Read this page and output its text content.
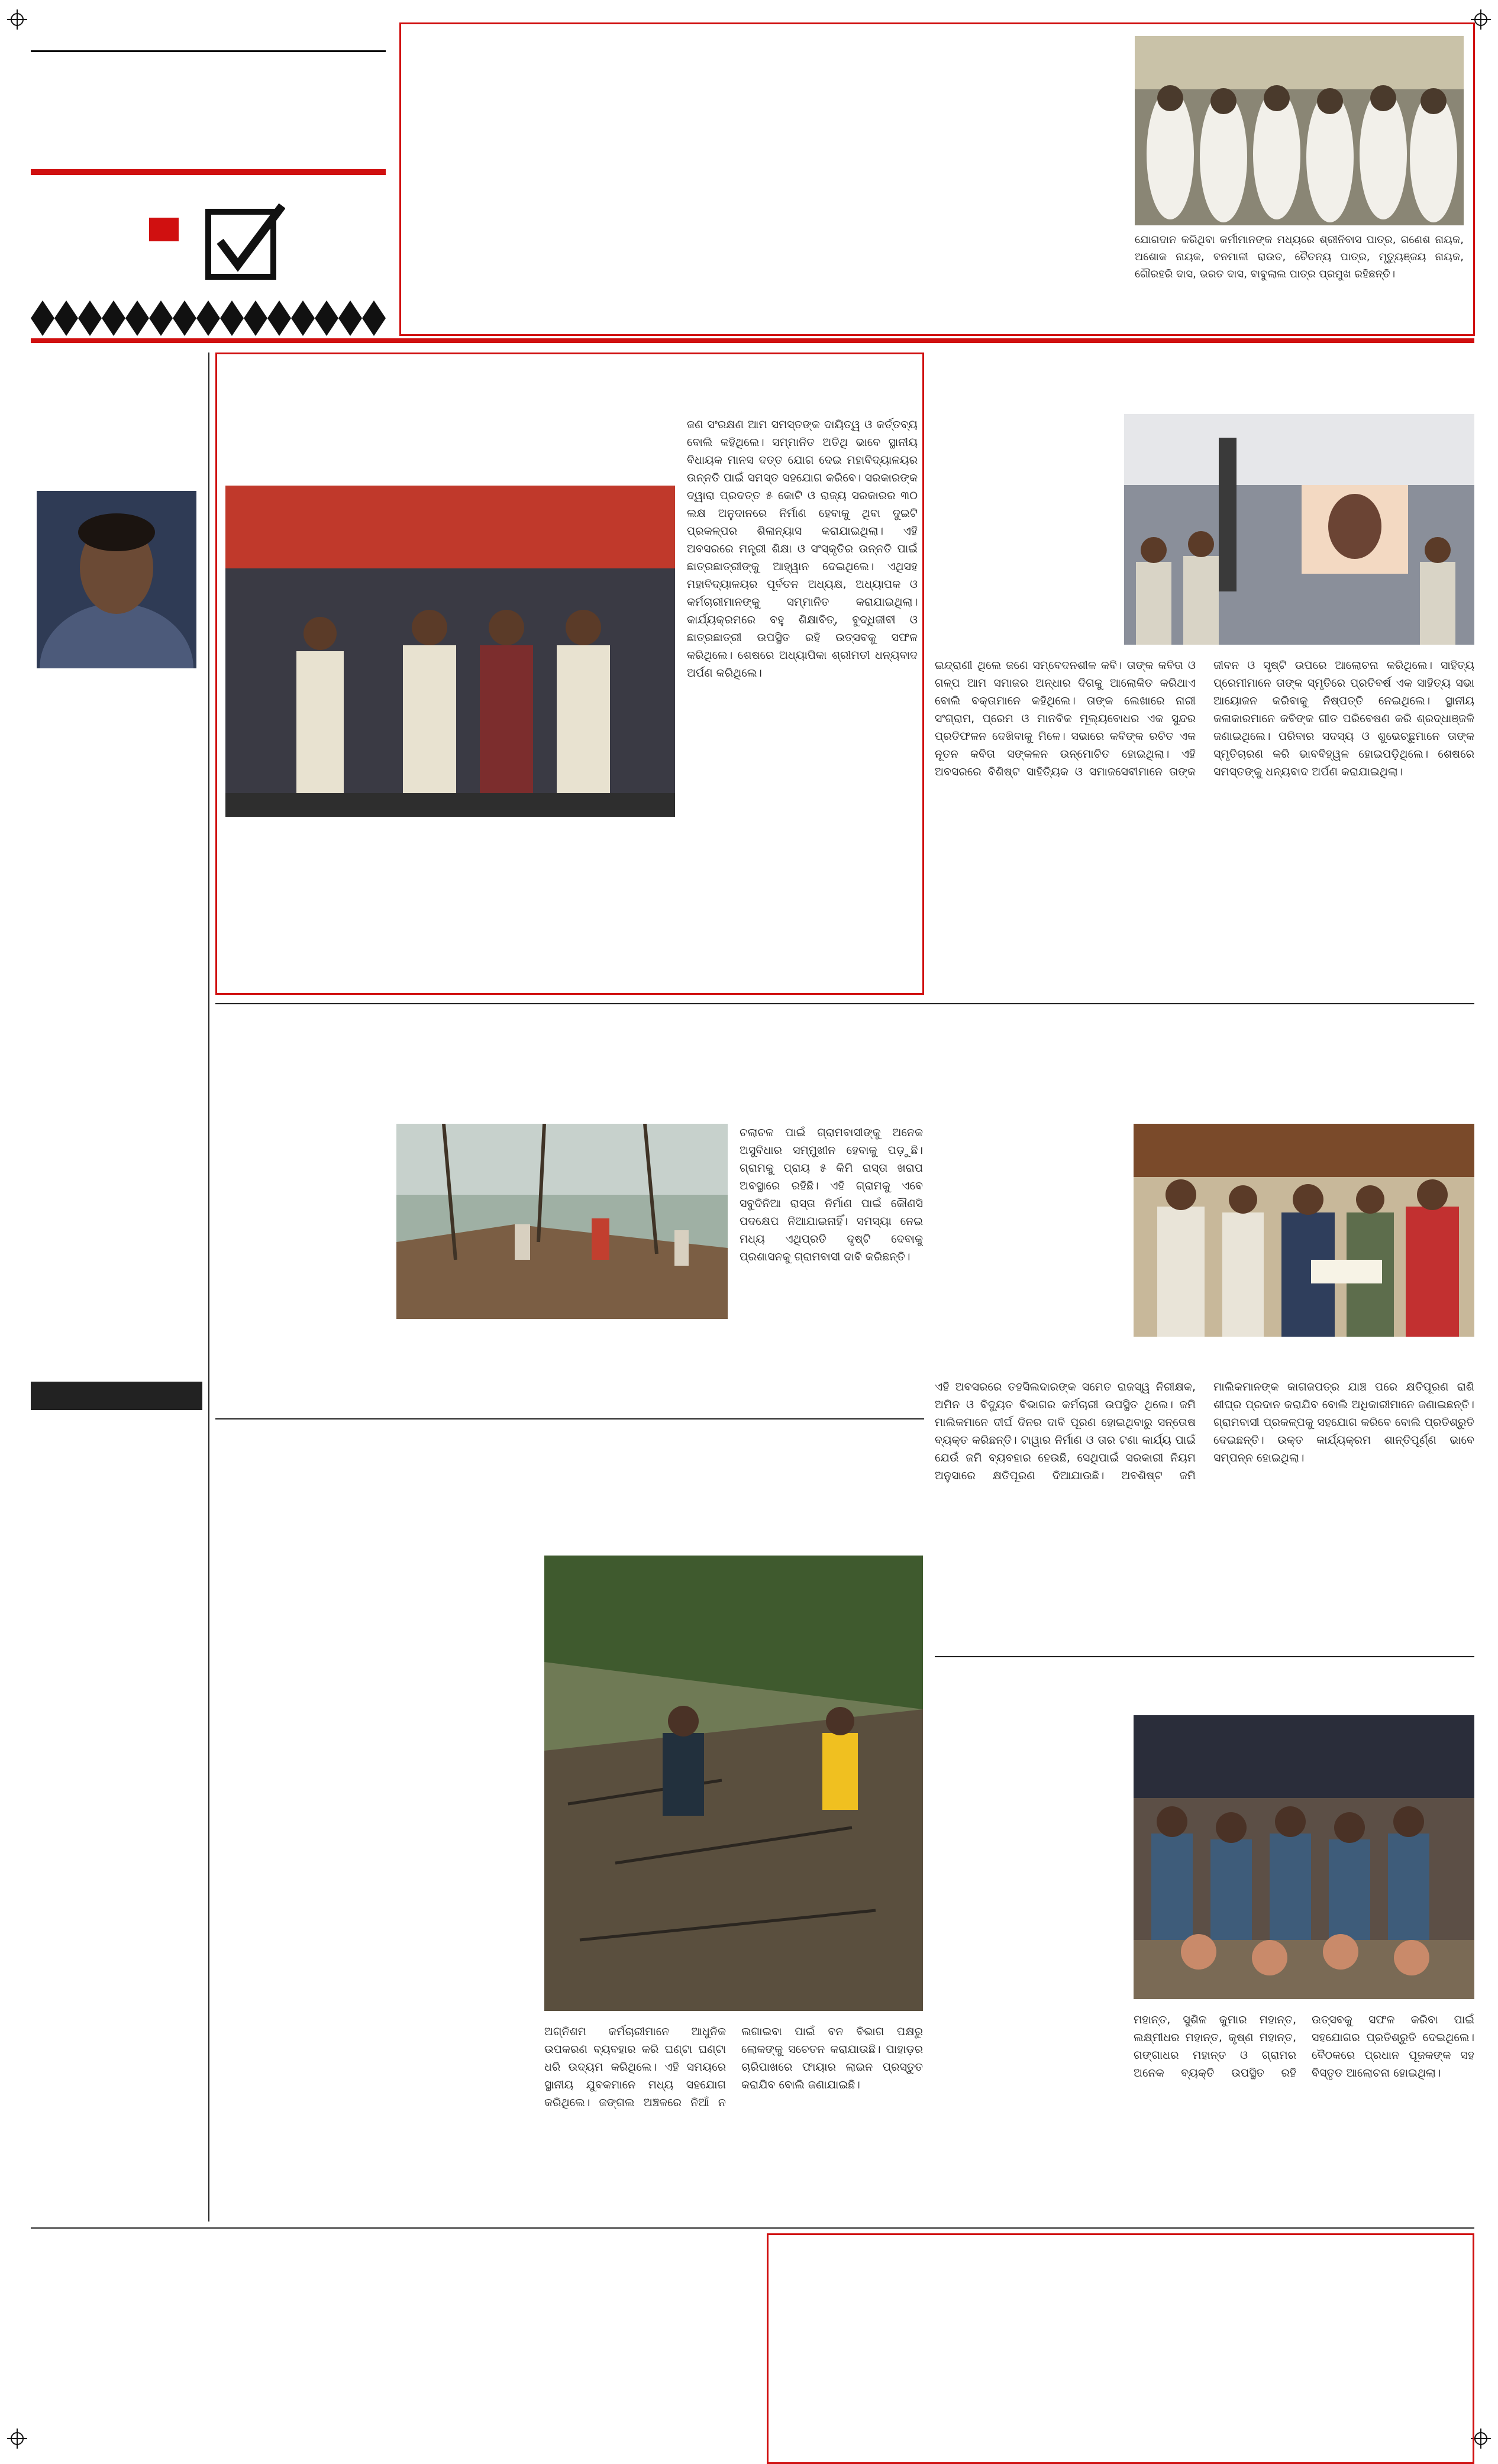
ଯୋଗଦାନ କରିଥିବା କର୍ମୀମାନଙ୍କ ମଧ୍ୟରେ ଶ୍ରୀନିବାସ ପାତ୍ର, ଗଣେଶ ନାୟକ, ଅଶୋକ ନାୟକ, ବନମାଳୀ ରାଉତ, ଚୈତନ୍ୟ ପାତ୍ର, ମୃତ୍ୟୁଞ୍ଜୟ ନାୟକ, ଗୌରହରି ଦାସ, ଭରତ ଦାସ, ବାବୁଲାଲ ପାତ୍ର ପ୍ରମୁଖ ରହିଛନ୍ତି।
ଜଣ ସଂରକ୍ଷଣ ଆମ ସମସ୍ତଙ୍କ ଦାୟିତ୍ୱ ଓ କର୍ତ୍ତବ୍ୟ ବୋଲି କହିଥିଲେ। ସମ୍ମାନିତ ଅତିଥି ଭାବେ ସ୍ଥାନୀୟ ବିଧାୟକ ମାନସ ଦତ୍ତ ଯୋଗ ଦେଇ ମହାବିଦ୍ୟାଳୟର ଉନ୍ନତି ପାଇଁ ସମସ୍ତ ସହଯୋଗ କରିବେ। ସରକାରଙ୍କ ଦ୍ୱାରା ପ୍ରଦତ୍ତ ୫ କୋଟି ଓ ରାଜ୍ୟ ସରକାରର ୩୦ ଲକ୍ଷ ଅନୁଦାନରେ ନିର୍ମାଣ ହେବାକୁ ଥିବା ଦୁଇଟି ପ୍ରକଳ୍ପର ଶିଳାନ୍ୟାସ କରାଯାଇଥିଲା। ଏହି ଅବସରରେ ମନ୍ତ୍ରୀ ଶିକ୍ଷା ଓ ସଂସ୍କୃତିର ଉନ୍ନତି ପାଇଁ ଛାତ୍ରଛାତ୍ରୀଙ୍କୁ ଆହ୍ୱାନ ଦେଇଥିଲେ। ଏଥିସହ ମହାବିଦ୍ୟାଳୟର ପୂର୍ବତନ ଅଧ୍ୟକ୍ଷ, ଅଧ୍ୟାପକ ଓ କର୍ମଚାରୀମାନଙ୍କୁ ସମ୍ମାନିତ କରାଯାଇଥିଲା। କାର୍ଯ୍ୟକ୍ରମରେ ବହୁ ଶିକ୍ଷାବିତ୍, ବୁଦ୍ଧିଜୀବୀ ଓ ଛାତ୍ରଛାତ୍ରୀ ଉପସ୍ଥିତ ରହି ଉତ୍ସବକୁ ସଫଳ କରିଥିଲେ। ଶେଷରେ ଅଧ୍ୟାପିକା ଶ୍ରୀମତୀ ଧନ୍ୟବାଦ ଅର୍ପଣ କରିଥିଲେ।
ଇନ୍ଦ୍ରାଣୀ ଥିଲେ ଜଣେ ସମ୍ବେଦନଶୀଳ କବି। ତାଙ୍କ କବିତା ଓ ଗଳ୍ପ ଆମ ସମାଜର ଅନ୍ଧାର ଦିଗକୁ ଆଲୋକିତ କରିଥାଏ ବୋଲି ବକ୍ତାମାନେ କହିଥିଲେ। ତାଙ୍କ ଲେଖାରେ ନାରୀ ସଂଗ୍ରାମ, ପ୍ରେମ ଓ ମାନବିକ ମୂଲ୍ୟବୋଧର ଏକ ସୁନ୍ଦର ପ୍ରତିଫଳନ ଦେଖିବାକୁ ମିଳେ। ସଭାରେ କବିଙ୍କ ରଚିତ ଏକ ନୂତନ କବିତା ସଙ୍କଳନ ଉନ୍ମୋଚିତ ହୋଇଥିଲା। ଏହି ଅବସରରେ ବିଶିଷ୍ଟ ସାହିତ୍ୟିକ ଓ ସମାଜସେବୀମାନେ ତାଙ୍କ ଜୀବନ ଓ ସୃଷ୍ଟି ଉପରେ ଆଲୋଚନା କରିଥିଲେ। ସାହିତ୍ୟ ପ୍ରେମୀମାନେ ତାଙ୍କ ସ୍ମୃତିରେ ପ୍ରତିବର୍ଷ ଏକ ସାହିତ୍ୟ ସଭା ଆୟୋଜନ କରିବାକୁ ନିଷ୍ପତ୍ତି ନେଇଥିଲେ। ସ୍ଥାନୀୟ କଳାକାରମାନେ କବିଙ୍କ ଗୀତ ପରିବେଷଣ କରି ଶ୍ରଦ୍ଧାଞ୍ଜଳି ଜଣାଇଥିଲେ। ପରିବାର ସଦସ୍ୟ ଓ ଶୁଭେଚ୍ଛୁମାନେ ତାଙ୍କ ସ୍ମୃତିଚାରଣ କରି ଭାବବିହ୍ୱଳ ହୋଇପଡ଼ିଥିଲେ। ଶେଷରେ ସମସ୍ତଙ୍କୁ ଧନ୍ୟବାଦ ଅର୍ପଣ କରାଯାଇଥିଲା।
ଚଲାଚଳ ପାଇଁ ଗ୍ରାମବାସୀଙ୍କୁ ଅନେକ ଅସୁବିଧାର ସମ୍ମୁଖୀନ ହେବାକୁ ପଡ଼ୁଛି। ଗ୍ରାମକୁ ପ୍ରାୟ ୫ କିମି ରାସ୍ତା ଖରାପ ଅବସ୍ଥାରେ ରହିଛି। ଏହି ଗ୍ରାମକୁ ଏବେ ସବୁଦିନିଆ ରାସ୍ତା ନିର୍ମାଣ ପାଇଁ କୌଣସି ପଦକ୍ଷେପ ନିଆଯାଇନାହିଁ। ସମସ୍ୟା ନେଇ ମଧ୍ୟ ଏଥିପ୍ରତି ଦୃଷ୍ଟି ଦେବାକୁ ପ୍ରଶାସନକୁ ଗ୍ରାମବାସୀ ଦାବି କରିଛନ୍ତି।
ଏହି ଅବସରରେ ତହସିଲଦାରଙ୍କ ସମେତ ରାଜସ୍ୱ ନିରୀକ୍ଷକ, ଅମିନ ଓ ବିଦ୍ୟୁତ ବିଭାଗର କର୍ମଚାରୀ ଉପସ୍ଥିତ ଥିଲେ। ଜମି ମାଲିକମାନେ ଦୀର୍ଘ ଦିନର ଦାବି ପୂରଣ ହୋଇଥିବାରୁ ସନ୍ତୋଷ ବ୍ୟକ୍ତ କରିଛନ୍ତି। ଟାୱାର ନିର୍ମାଣ ଓ ତାର ଟଣା କାର୍ଯ୍ୟ ପାଇଁ ଯେଉଁ ଜମି ବ୍ୟବହାର ହେଉଛି, ସେଥିପାଇଁ ସରକାରୀ ନିୟମ ଅନୁସାରେ କ୍ଷତିପୂରଣ ଦିଆଯାଉଛି। ଅବଶିଷ୍ଟ ଜମି ମାଲିକମାନଙ୍କ କାଗଜପତ୍ର ଯାଞ୍ଚ ପରେ କ୍ଷତିପୂରଣ ରାଶି ଶୀଘ୍ର ପ୍ରଦାନ କରାଯିବ ବୋଲି ଅଧିକାରୀମାନେ ଜଣାଇଛନ୍ତି। ଗ୍ରାମବାସୀ ପ୍ରକଳ୍ପକୁ ସହଯୋଗ କରିବେ ବୋଲି ପ୍ରତିଶ୍ରୁତି ଦେଇଛନ୍ତି। ଉକ୍ତ କାର୍ଯ୍ୟକ୍ରମ ଶାନ୍ତିପୂର୍ଣ୍ଣ ଭାବେ ସମ୍ପନ୍ନ ହୋଇଥିଲା।
ଅଗ୍ନିଶମ କର୍ମଚାରୀମାନେ ଆଧୁନିକ ଉପକରଣ ବ୍ୟବହାର କରି ଘଣ୍ଟା ଘଣ୍ଟା ଧରି ଉଦ୍ୟମ କରିଥିଲେ। ଏହି ସମୟରେ ସ୍ଥାନୀୟ ଯୁବକମାନେ ମଧ୍ୟ ସହଯୋଗ କରିଥିଲେ। ଜଙ୍ଗଲ ଅଞ୍ଚଳରେ ନିଆଁ ନ ଲଗାଇବା ପାଇଁ ବନ ବିଭାଗ ପକ୍ଷରୁ ଲୋକଙ୍କୁ ସଚେତନ କରାଯାଉଛି। ପାହାଡ଼ର ଚାରିପାଖରେ ଫାୟାର ଲାଇନ ପ୍ରସ୍ତୁତ କରାଯିବ ବୋଲି ଜଣାଯାଇଛି।
ମହାନ୍ତ, ସୁଶିଳ କୁମାର ମହାନ୍ତ, ଲକ୍ଷ୍ମୀଧର ମହାନ୍ତ, କୃଷ୍ଣ ମହାନ୍ତ, ଗଙ୍ଗାଧର ମହାନ୍ତ ଓ ଗ୍ରାମର ଅନେକ ବ୍ୟକ୍ତି ଉପସ୍ଥିତ ରହି ଉତ୍ସବକୁ ସଫଳ କରିବା ପାଇଁ ସହଯୋଗର ପ୍ରତିଶ୍ରୁତି ଦେଇଥିଲେ। ବୈଠକରେ ପ୍ରଧାନ ପୂଜକଙ୍କ ସହ ବିସ୍ତୃତ ଆଲୋଚନା ହୋଇଥିଲା।
